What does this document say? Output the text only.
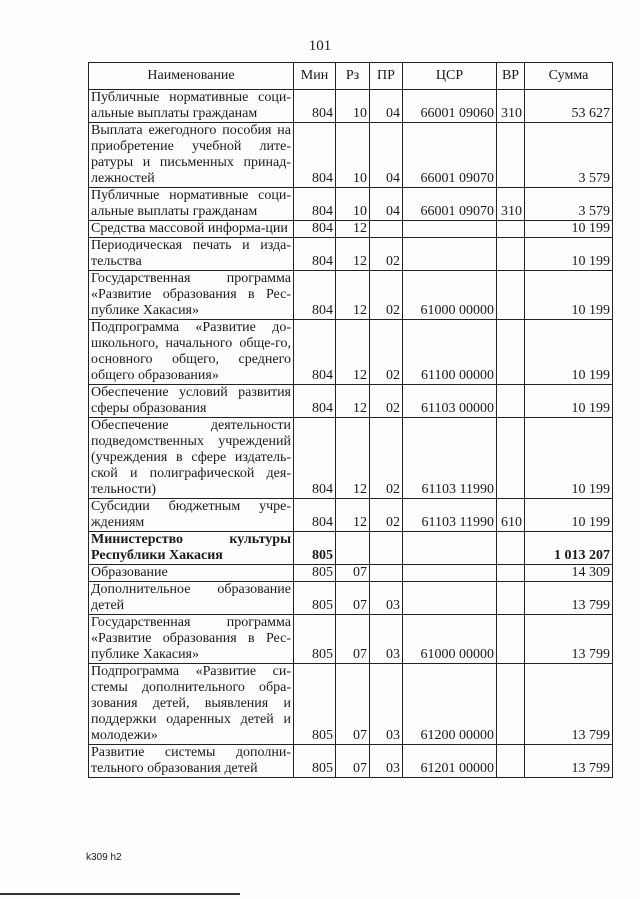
101
Наименование	Мин	Рз	ПР	ЦСР	ВР	Сумма
Публичные нормативные соци-альные выплаты гражданам	804	10	04	66001 09060	310	53 627
Выплата ежегодного пособия на приобретение учебной лите-ратуры и письменных принад-лежностей	804	10	04	66001 09070		3 579
Публичные нормативные соци-альные выплаты гражданам	804	10	04	66001 09070	310	3 579
Средства массовой информа-ции	804	12				10 199
Периодическая печать и изда-тельства	804	12	02			10 199
Государственная программа «Развитие образования в Рес-публике Хакасия»	804	12	02	61000 00000		10 199
Подпрограмма «Развитие до-школьного, начального обще-го, основного общего, среднего общего образования»	804	12	02	61100 00000		10 199
Обеспечение условий развития сферы образования	804	12	02	61103 00000		10 199
Обеспечение деятельности подведомственных учреждений (учреждения в сфере издатель-ской и полиграфической дея-тельности)	804	12	02	61103 11990		10 199
Субсидии бюджетным учре-ждениям	804	12	02	61103 11990	610	10 199
Министерство культуры Республики Хакасия	805					1 013 207
Образование	805	07				14 309
Дополнительное образование детей	805	07	03			13 799
Государственная программа «Развитие образования в Рес-публике Хакасия»	805	07	03	61000 00000		13 799
Подпрограмма «Развитие си-стемы дополнительного обра-зования детей, выявления и поддержки одаренных детей и молодежи»	805	07	03	61200 00000		13 799
Развитие системы дополни-тельного образования детей	805	07	03	61201 00000		13 799
k309 h2
